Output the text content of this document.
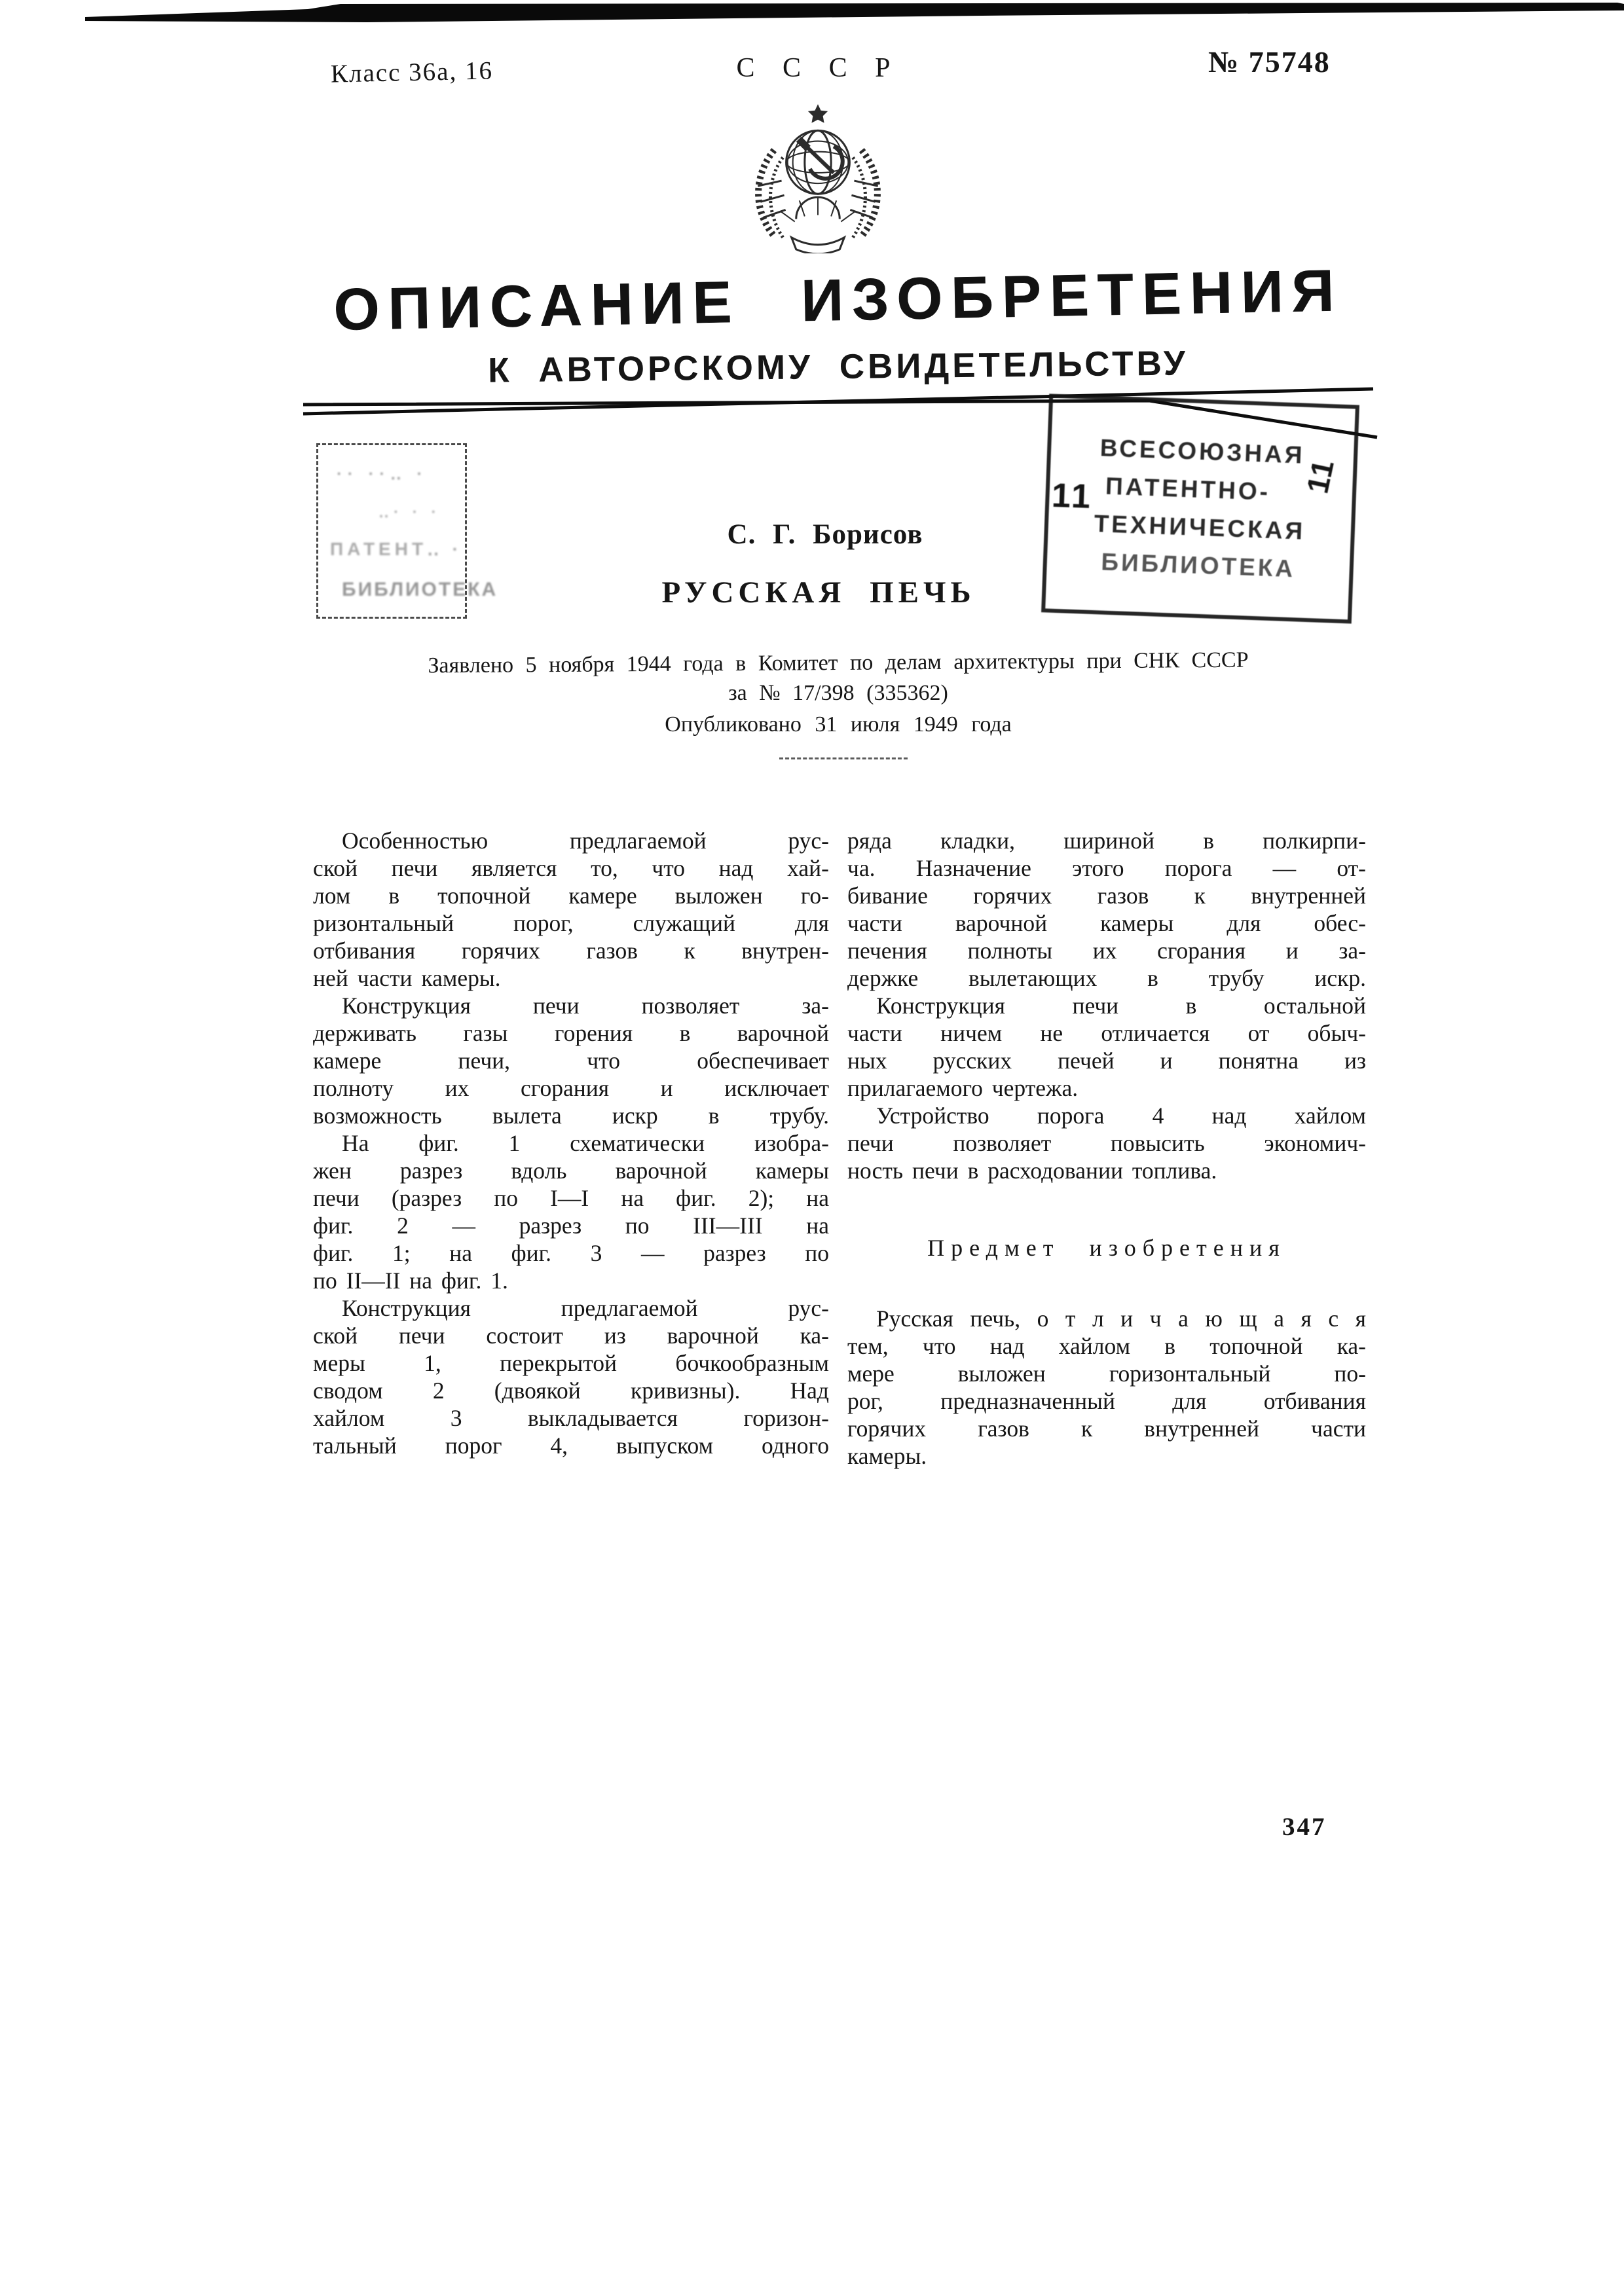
Класс 36а, 16	С С С Р	№ 75748
ОПИСАНИЕ ИЗОБРЕТЕНИЯ
К АВТОРСКОМУ СВИДЕТЕЛЬСТВУ
·· ··‥ ·
‥· · ·
ПАТЕНТ‥ ·
БИБЛИОТЕКА
С. Г. Борисов
РУССКАЯ ПЕЧЬ
ВСЕСОЮЗНАЯ
ПАТЕНТНО-
ТЕХНИЧЕСКАЯ
БИБЛИОТЕКА
11	11
Заявлено 5 ноября 1944 года в Комитет по делам архитектуры при СНК СССР
за № 17/398 (335362)
Опубликовано 31 июля 1949 года
Особенностью предлагаемой рус-
ской печи является то, что над хай-
лом в топочной камере выложен го-
ризонтальный порог, служащий для
отбивания горячих газов к внутрен-
ней части камеры.
Конструкция печи позволяет за-
держивать газы горения в варочной
камере печи, что обеспечивает
полноту их сгорания и исключает
возможность вылета искр в трубу.
На фиг. 1 схематически изобра-
жен разрез вдоль варочной камеры
печи (разрез по I—I на фиг. 2); на
фиг. 2 — разрез по III—III на
фиг. 1; на фиг. 3 — разрез по
по II—II на фиг. 1.
Конструкция предлагаемой рус-
ской печи состоит из варочной ка-
меры 1, перекрытой бочкообразным
сводом 2 (двоякой кривизны). Над
хайлом 3 выкладывается горизон-
тальный порог 4, выпуском одного
ряда кладки, шириной в полкирпи-
ча. Назначение этого порога — от-
бивание горячих газов к внутренней
части варочной камеры для обес-
печения полноты их сгорания и за-
держке вылетающих в трубу искр.
Конструкция печи в остальной
части ничем не отличается от обыч-
ных русских печей и понятна из
прилагаемого чертежа.
Устройство порога 4 над хайлом
печи позволяет повысить экономич-
ность печи в расходовании топлива.
Предмет изобретения
Русская печь, о т л и ч а ю щ а я с я
тем, что над хайлом в топочной ка-
мере выложен горизонтальный по-
рог, предназначенный для отбивания
горячих газов к внутренней части
камеры.
347
